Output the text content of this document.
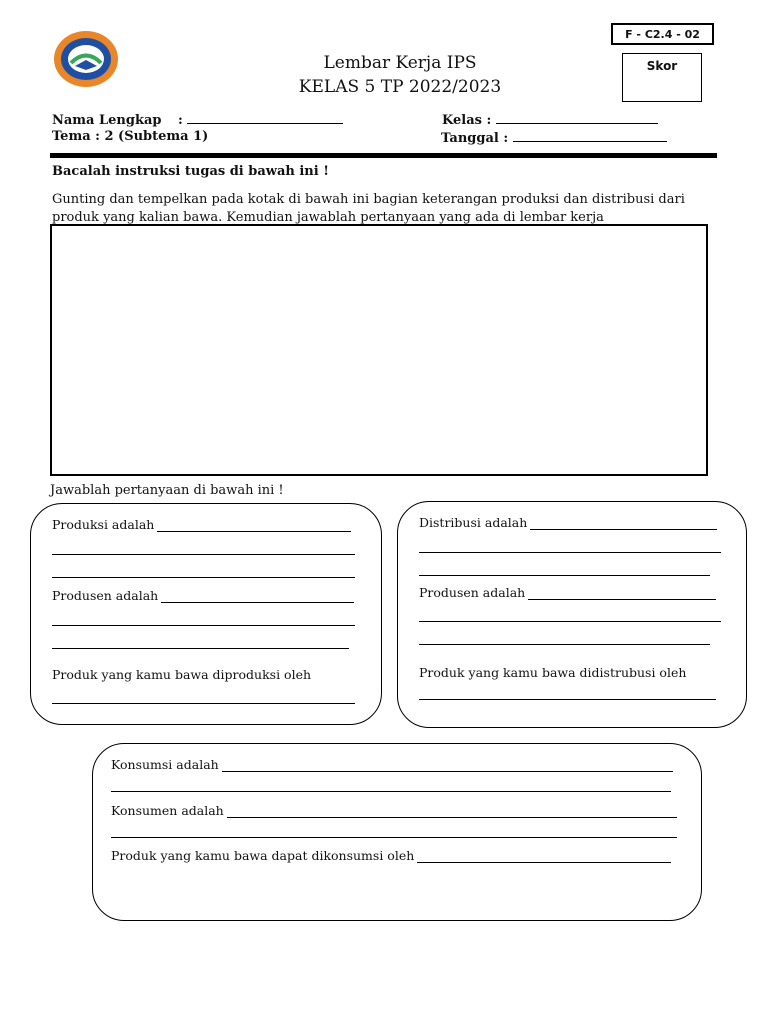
F - C2.4 - 02
Skor
Lembar Kerja IPS
KELAS 5 TP 2022/2023
Nama Lengkap :
Tema : 2 (Subtema 1)
Kelas :
Tanggal :
Bacalah instruksi tugas di bawah ini !
Gunting dan tempelkan pada kotak di bawah ini bagian keterangan produksi dan distribusi dari produk yang kalian bawa. Kemudian jawablah pertanyaan yang ada di lembar kerja
Jawablah pertanyaan di bawah ini !
Produksi adalah
Produsen adalah
Produk yang kamu bawa diproduksi oleh
Distribusi adalah
Produsen adalah
Produk yang kamu bawa didistrubusi oleh
Konsumsi adalah
Konsumen adalah
Produk yang kamu bawa dapat dikonsumsi oleh
